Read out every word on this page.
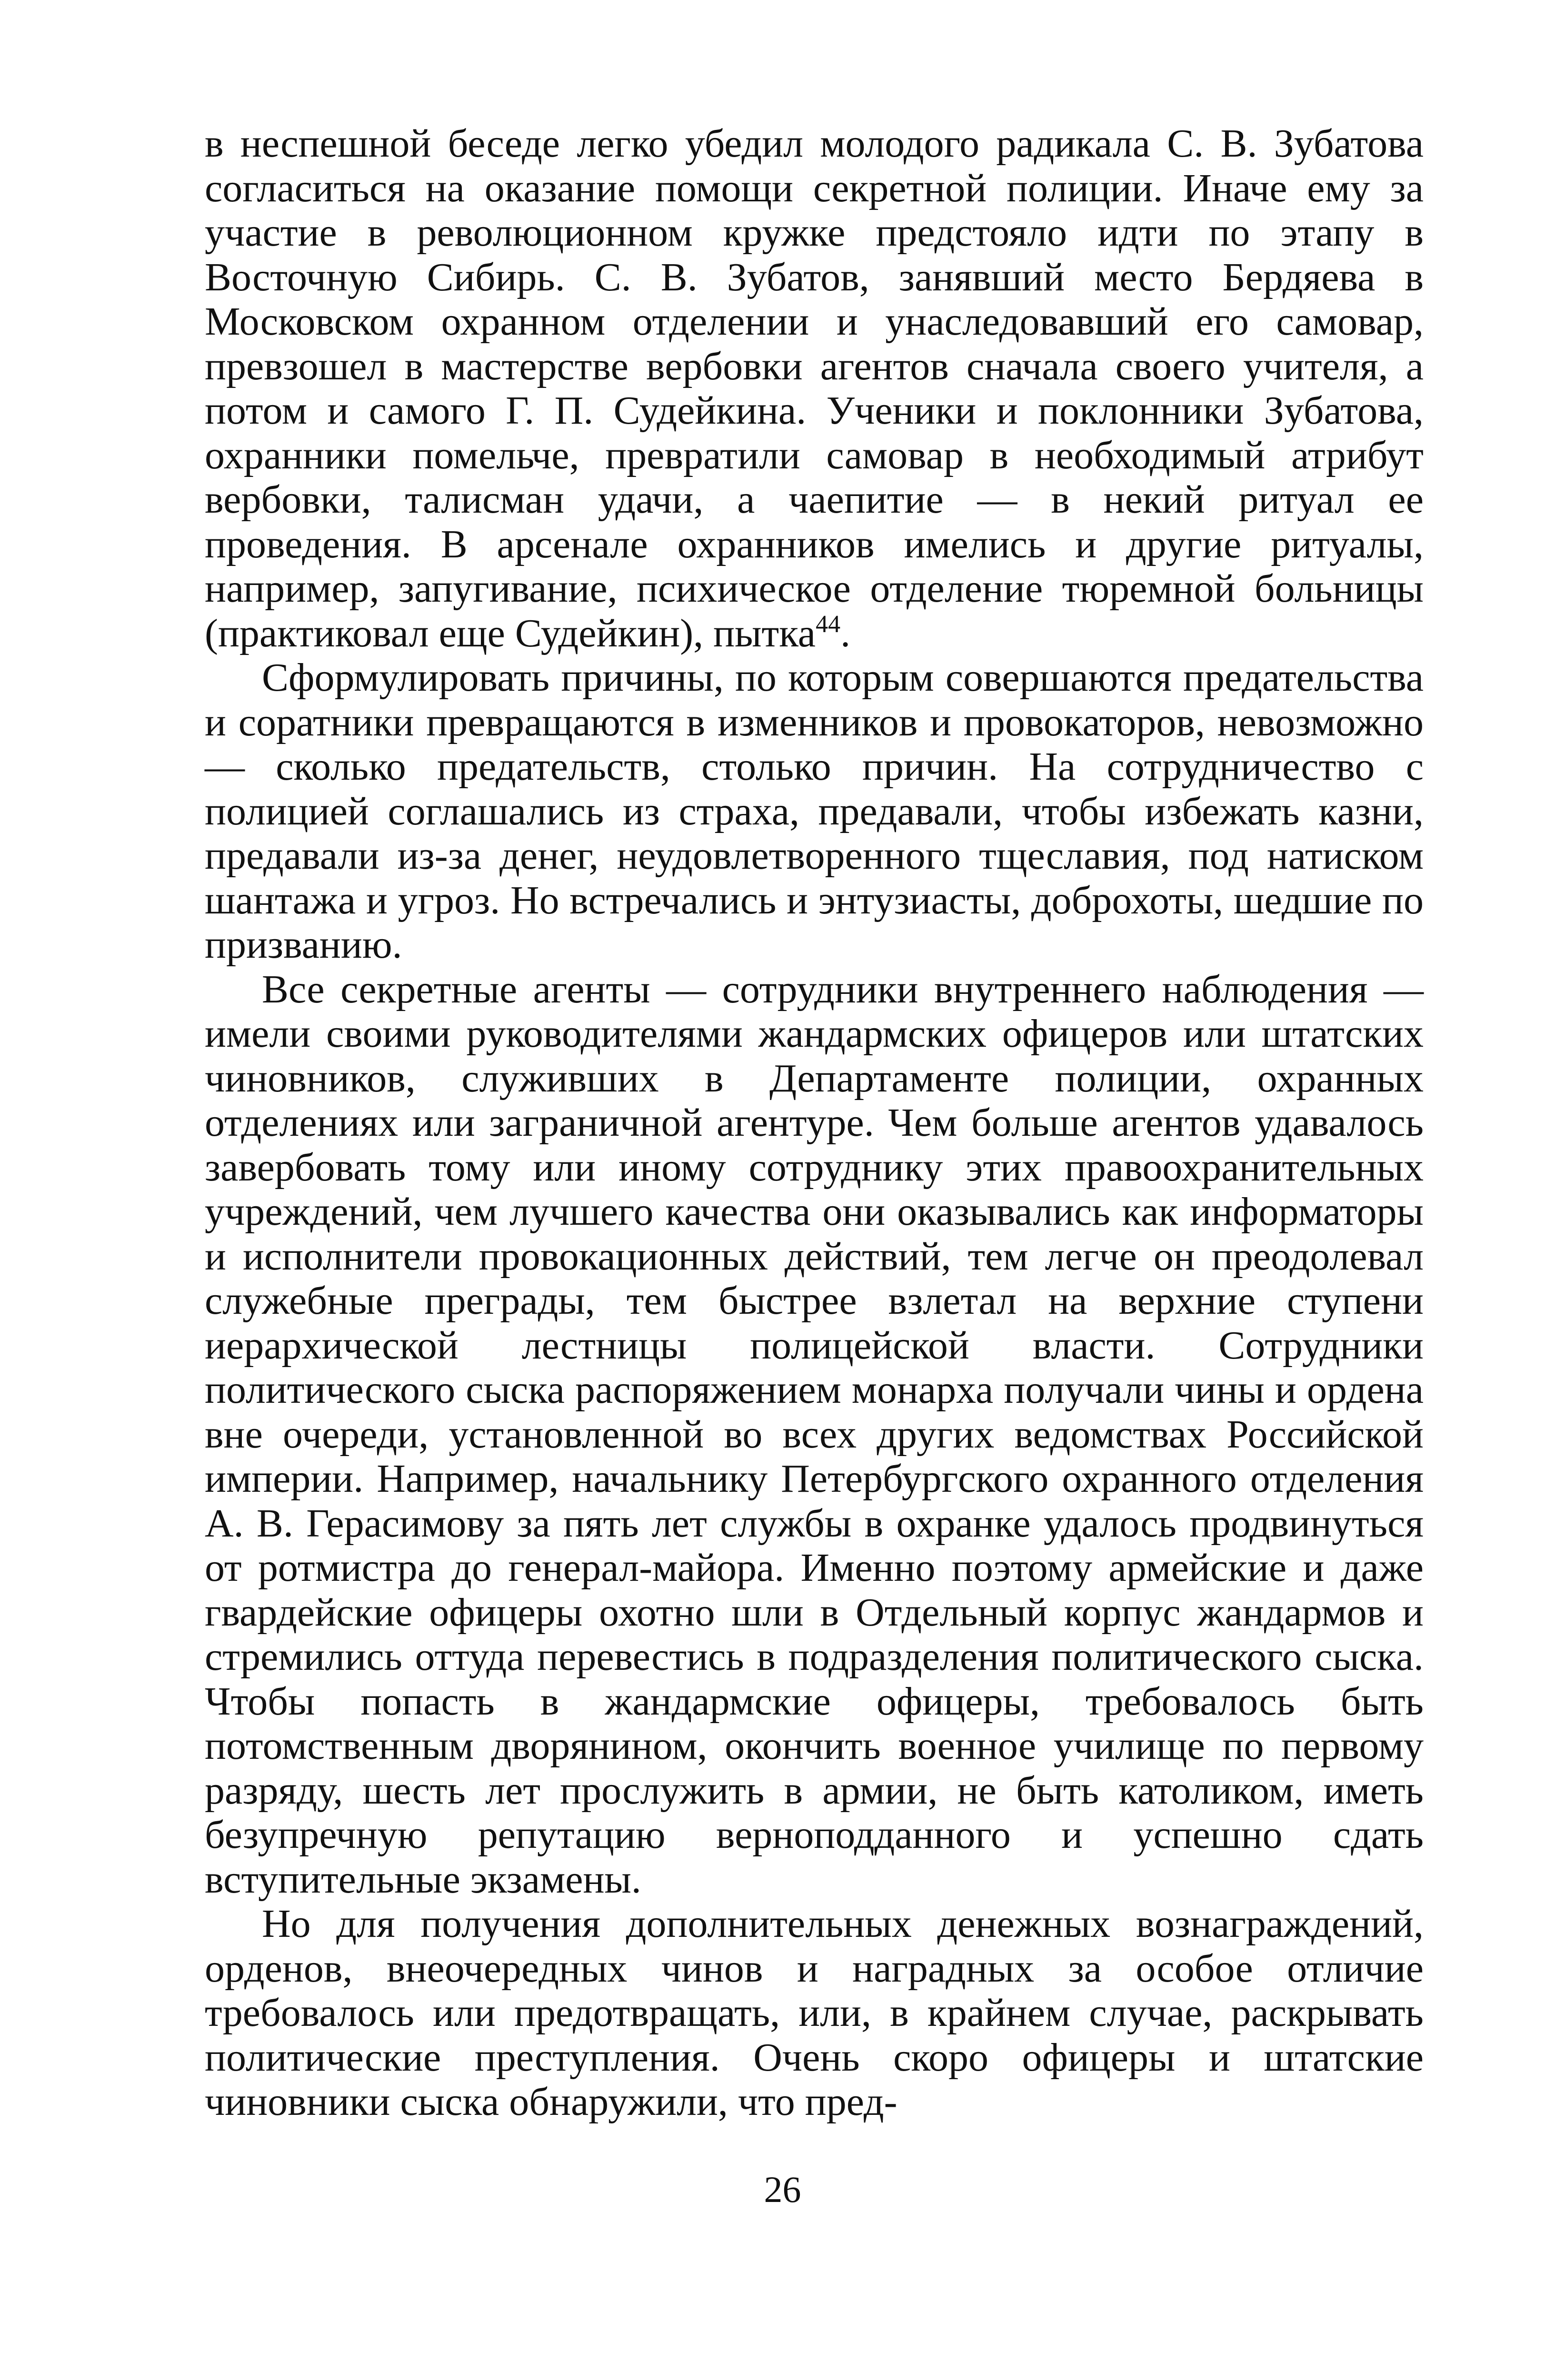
в неспешной беседе легко убедил молодого радикала С. В. Зубатова согласиться на оказание помощи секретной полиции. Иначе ему за участие в революционном кружке предстояло идти по этапу в Восточную Сибирь. С. В. Зубатов, занявший место Бердяева в Московском охранном отделении и унаследовавший его самовар, превзошел в мастерстве вербовки агентов сначала своего учителя, а потом и самого Г. П. Судейкина. Ученики и поклонники Зубатова, охранники помельче, превратили самовар в необходимый атрибут вербовки, талисман удачи, а чаепитие — в некий ритуал ее проведения. В арсенале охранников имелись и другие ритуалы, например, запугивание, психическое отделение тюремной больницы (практиковал еще Судейкин), пытка$^{44}$.

Сформулировать причины, по которым совершаются предательства и соратники превращаются в изменников и провокаторов, невозможно — сколько предательств, столько причин. На сотрудничество с полицией соглашались из страха, предавали, чтобы избежать казни, предавали из-за денег, неудовлетворенного тщеславия, под натиском шантажа и угроз. Но встречались и энтузиасты, доброхоты, шедшие по призванию.

Все секретные агенты — сотрудники внутреннего наблюдения — имели своими руководителями жандармских офицеров или штатских чиновников, служивших в Департаменте полиции, охранных отделениях или заграничной агентуре. Чем больше агентов удавалось завербовать тому или иному сотруднику этих правоохранительных учреждений, чем лучшего качества они оказывались как информаторы и исполнители провокационных действий, тем легче он преодолевал служебные преграды, тем быстрее взлетал на верхние ступени иерархической лестницы полицейской власти. Сотрудники политического сыска распоряжением монарха получали чины и ордена вне очереди, установленной во всех других ведомствах Российской империи. Например, начальнику Петербургского охранного отделения А. В. Герасимову за пять лет службы в охранке удалось продвинуться от ротмистра до генерал-майора. Именно поэтому армейские и даже гвардейские офицеры охотно шли в Отдельный корпус жандармов и стремились оттуда перевестись в подразделения политического сыска. Чтобы попасть в жандармские офицеры, требовалось быть потомственным дворянином, окончить военное училище по первому разряду, шесть лет прослужить в армии, не быть католиком, иметь безупречную репутацию верноподданного и успешно сдать вступительные экзамены.

Но для получения дополнительных денежных вознаграждений, орденов, внеочередных чинов и наградных за особое отличие требовалось или предотвращать, или, в крайнем случае, раскрывать политические преступления. Очень скоро офицеры и штатские чиновники сыска обнаружили, что пред-

26
